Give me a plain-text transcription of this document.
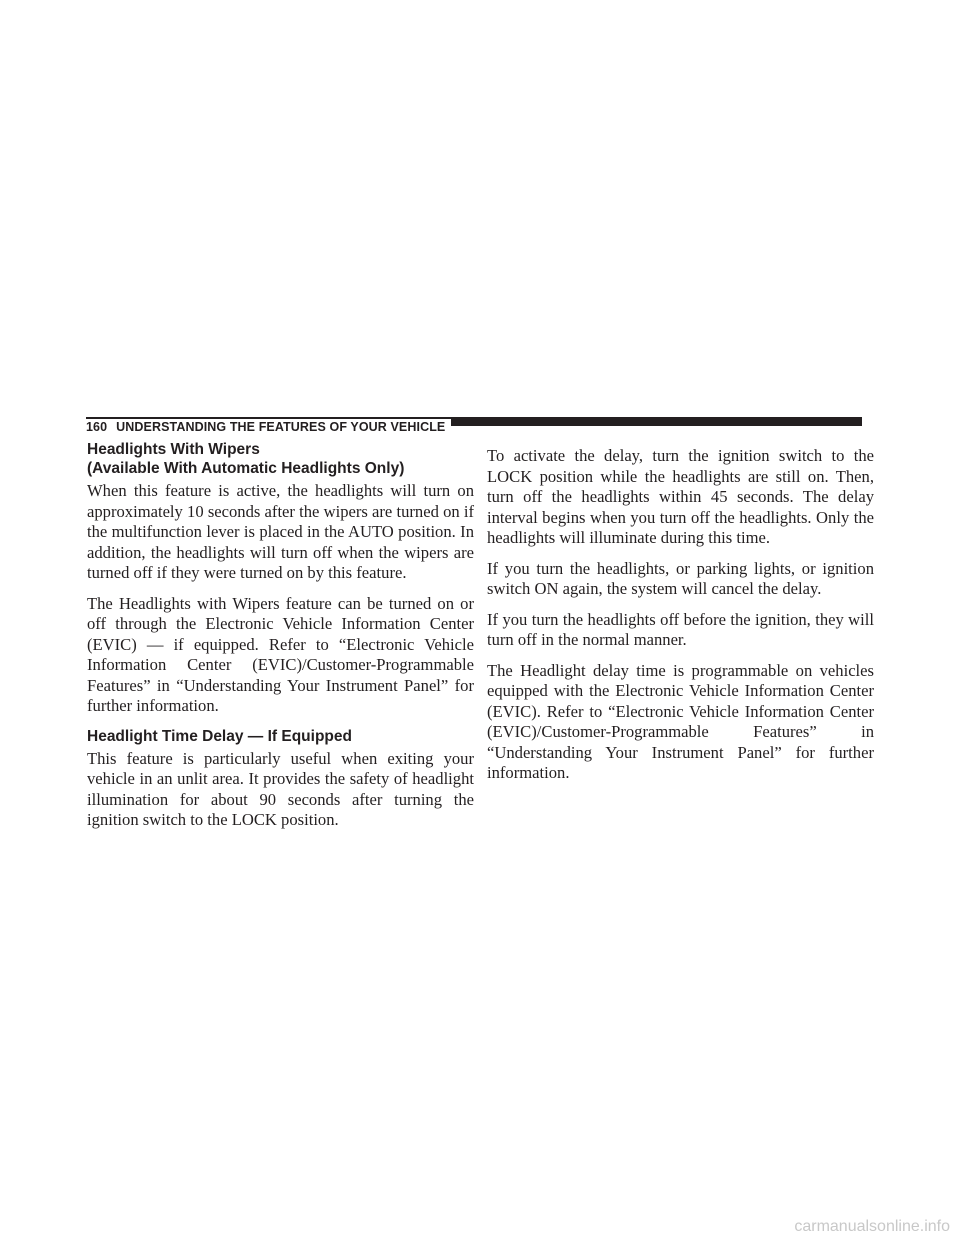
160 UNDERSTANDING THE FEATURES OF YOUR VEHICLE
Headlights With Wipers
(Available With Automatic Headlights Only)

When this feature is active, the headlights will turn on approximately 10 seconds after the wipers are turned on if the multifunction lever is placed in the AUTO position. In addition, the headlights will turn off when the wipers are turned off if they were turned on by this feature.

The Headlights with Wipers feature can be turned on or off through the Electronic Vehicle Information Center (EVIC) — if equipped. Refer to “Electronic Vehicle Information Center (EVIC)/Customer-Programmable Features” in “Understanding Your Instrument Panel” for further information.

Headlight Time Delay — If Equipped

This feature is particularly useful when exiting your vehicle in an unlit area. It provides the safety of headlight illumination for about 90 seconds after turning the ignition switch to the LOCK position.

To activate the delay, turn the ignition switch to the LOCK position while the headlights are still on. Then, turn off the headlights within 45 seconds. The delay interval begins when you turn off the headlights. Only the headlights will illuminate during this time.

If you turn the headlights, or parking lights, or ignition switch ON again, the system will cancel the delay.

If you turn the headlights off before the ignition, they will turn off in the normal manner.

The Headlight delay time is programmable on vehicles equipped with the Electronic Vehicle Information Center (EVIC). Refer to “Electronic Vehicle Information Center (EVIC)/Customer-Programmable Features” in “Understanding Your Instrument Panel” for further information.

carmanualsonline.info
